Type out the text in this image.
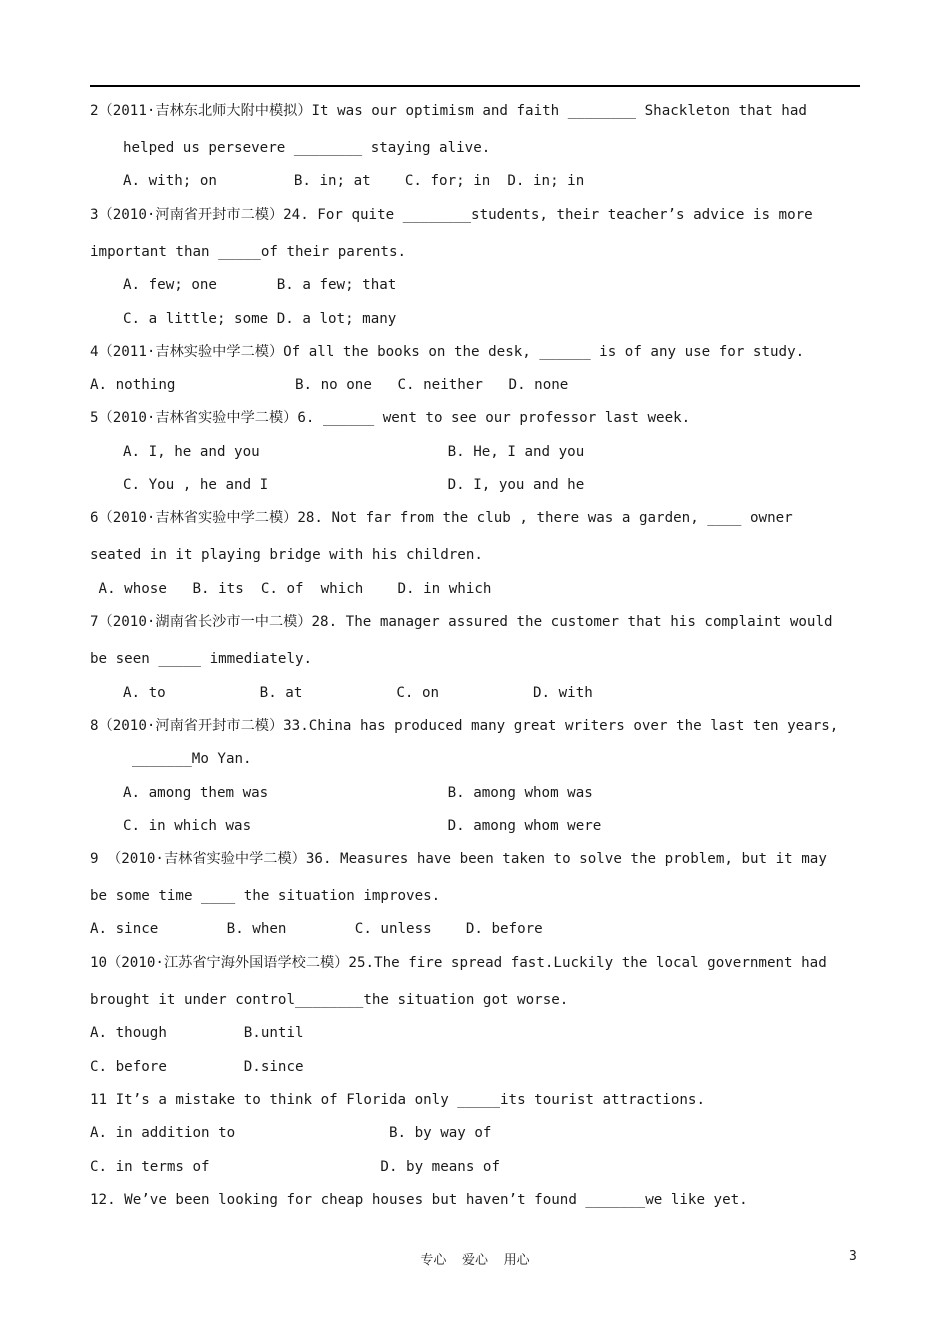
2（2011·吉林东北师大附中模拟）It was our optimism and faith ________ Shackleton that had
helped us persevere ________ staying alive.
A. with; on         B. in; at    C. for; in  D. in; in
3（2010·河南省开封市二模）24. For quite ________students, their teacher’s advice is more
important than _____of their parents.
A. few; one       B. a few; that
C. a little; some D. a lot; many
4（2011·吉林实验中学二模）Of all the books on the desk, ______ is of any use for study.
A. nothing              B. no one   C. neither   D. none
5（2010·吉林省实验中学二模）6. ______ went to see our professor last week.
A. I, he and you                      B. He, I and you
C. You , he and I                     D. I, you and he
6（2010·吉林省实验中学二模）28. Not far from the club , there was a garden, ____ owner
seated in it playing bridge with his children.
A. whose   B. its  C. of  which    D. in which
7（2010·湖南省长沙市一中二模）28. The manager assured the customer that his complaint would
be seen _____ immediately.
A. to           B. at           C. on           D. with
8（2010·河南省开封市二模）33.China has produced many great writers over the last ten years,
_______Mo Yan.
A. among them was                     B. among whom was
C. in which was                       D. among whom were
9 （2010·吉林省实验中学二模）36. Measures have been taken to solve the problem, but it may
be some time ____ the situation improves.
A. since        B. when        C. unless    D. before
10（2010·江苏省宁海外国语学校二模）25.The fire spread fast.Luckily the local government had
brought it under control________the situation got worse.
A. though         B.until
C. before         D.since
11 It’s a mistake to think of Florida only _____its tourist attractions.
A. in addition to                  B. by way of
C. in terms of                    D. by means of
12. We’ve been looking for cheap houses but haven’t found _______we like yet.
专心  爱心  用心	3
